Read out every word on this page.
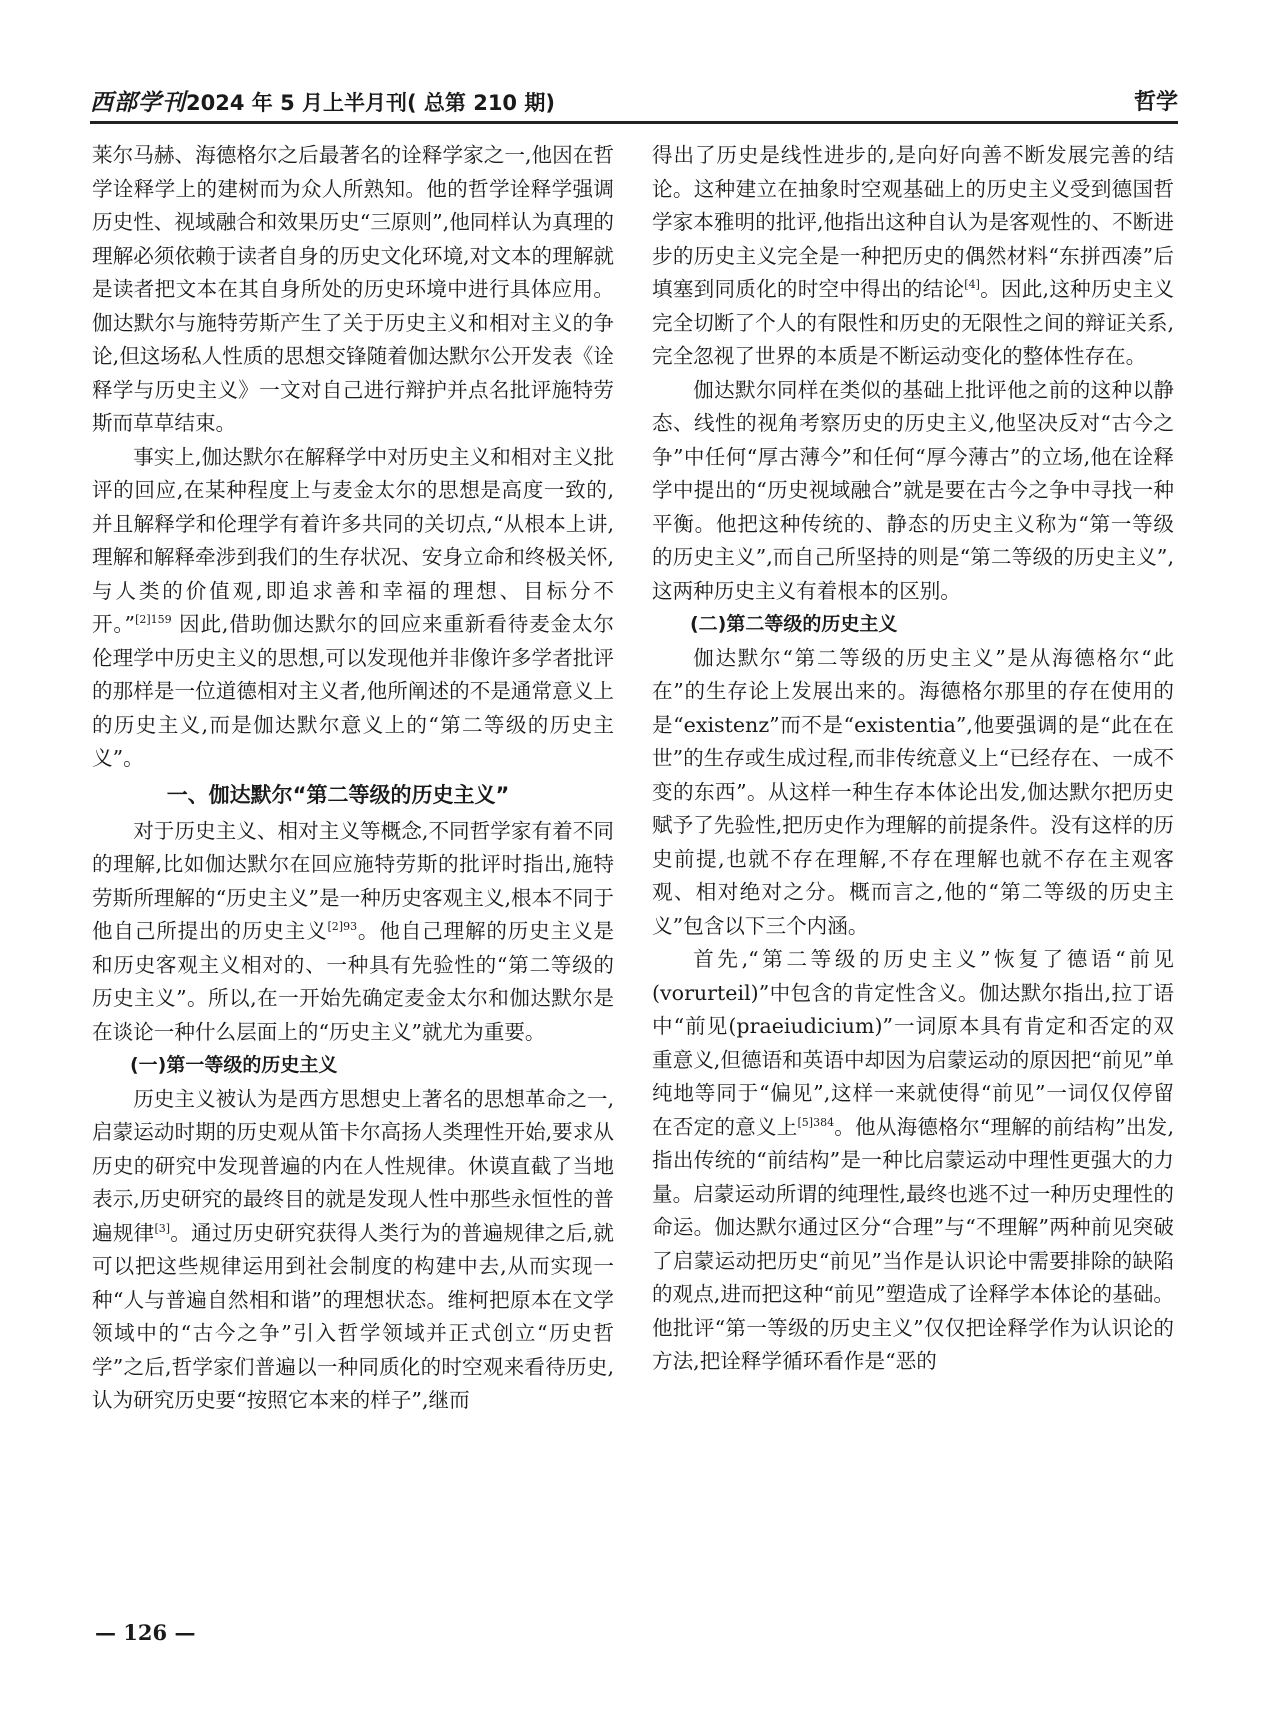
西部学刊2024 年 5 月上半月刊( 总第 210 期)	哲学

莱尔马赫、海德格尔之后最著名的诠释学家之一,他因在哲学诠释学上的建树而为众人所熟知。他的哲学诠释学强调历史性、视域融合和效果历史“三原则”,他同样认为真理的理解必须依赖于读者自身的历史文化环境,对文本的理解就是读者把文本在其自身所处的历史环境中进行具体应用。伽达默尔与施特劳斯产生了关于历史主义和相对主义的争论,但这场私人性质的思想交锋随着伽达默尔公开发表《诠释学与历史主义》一文对自己进行辩护并点名批评施特劳斯而草草结束。

事实上,伽达默尔在解释学中对历史主义和相对主义批评的回应,在某种程度上与麦金太尔的思想是高度一致的,并且解释学和伦理学有着许多共同的关切点,“从根本上讲,理解和解释牵涉到我们的生存状况、安身立命和终极关怀,与人类的价值观,即追求善和幸福的理想、目标分不开。”$^{[2]159}$ 因此,借助伽达默尔的回应来重新看待麦金太尔伦理学中历史主义的思想,可以发现他并非像许多学者批评的那样是一位道德相对主义者,他所阐述的不是通常意义上的历史主义,而是伽达默尔意义上的“第二等级的历史主义”。

一、伽达默尔“第二等级的历史主义”

对于历史主义、相对主义等概念,不同哲学家有着不同的理解,比如伽达默尔在回应施特劳斯的批评时指出,施特劳斯所理解的“历史主义”是一种历史客观主义,根本不同于他自己所提出的历史主义$^{[2]93}$。他自己理解的历史主义是和历史客观主义相对的、一种具有先验性的“第二等级的历史主义”。所以,在一开始先确定麦金太尔和伽达默尔是在谈论一种什么层面上的“历史主义”就尤为重要。

(一)第一等级的历史主义

历史主义被认为是西方思想史上著名的思想革命之一,启蒙运动时期的历史观从笛卡尔高扬人类理性开始,要求从历史的研究中发现普遍的内在人性规律。休谟直截了当地表示,历史研究的最终目的就是发现人性中那些永恒性的普遍规律[3]。通过历史研究获得人类行为的普遍规律之后,就可以把这些规律运用到社会制度的构建中去,从而实现一种“人与普遍自然相和谐”的理想状态。维柯把原本在文学领域中的“古今之争”引入哲学领域并正式创立“历史哲学”之后,哲学家们普遍以一种同质化的时空观来看待历史,认为研究历史要“按照它本来的样子”,继而

得出了历史是线性进步的,是向好向善不断发展完善的结论。这种建立在抽象时空观基础上的历史主义受到德国哲学家本雅明的批评,他指出这种自认为是客观性的、不断进步的历史主义完全是一种把历史的偶然材料“东拼西凑”后填塞到同质化的时空中得出的结论[4]。因此,这种历史主义完全切断了个人的有限性和历史的无限性之间的辩证关系,完全忽视了世界的本质是不断运动变化的整体性存在。

伽达默尔同样在类似的基础上批评他之前的这种以静态、线性的视角考察历史的历史主义,他坚决反对“古今之争”中任何“厚古薄今”和任何“厚今薄古”的立场,他在诠释学中提出的“历史视域融合”就是要在古今之争中寻找一种平衡。他把这种传统的、静态的历史主义称为“第一等级的历史主义”,而自己所坚持的则是“第二等级的历史主义”,这两种历史主义有着根本的区别。

(二)第二等级的历史主义

伽达默尔“第二等级的历史主义”是从海德格尔“此在”的生存论上发展出来的。海德格尔那里的存在使用的是“existenz”而不是“existentia”,他要强调的是“此在在世”的生存或生成过程,而非传统意义上“已经存在、一成不变的东西”。从这样一种生存本体论出发,伽达默尔把历史赋予了先验性,把历史作为理解的前提条件。没有这样的历史前提,也就不存在理解,不存在理解也就不存在主观客观、相对绝对之分。概而言之,他的“第二等级的历史主义”包含以下三个内涵。

首先,“第二等级的历史主义”恢复了德语“前见(vorurteil)”中包含的肯定性含义。伽达默尔指出,拉丁语中“前见(praeiudicium)”一词原本具有肯定和否定的双重意义,但德语和英语中却因为启蒙运动的原因把“前见”单纯地等同于“偏见”,这样一来就使得“前见”一词仅仅停留在否定的意义上$^{[5]384}$。他从海德格尔“理解的前结构”出发,指出传统的“前结构”是一种比启蒙运动中理性更强大的力量。启蒙运动所谓的纯理性,最终也逃不过一种历史理性的命运。伽达默尔通过区分“合理”与“不理解”两种前见突破了启蒙运动把历史“前见”当作是认识论中需要排除的缺陷的观点,进而把这种“前见”塑造成了诠释学本体论的基础。他批评“第一等级的历史主义”仅仅把诠释学作为认识论的方法,把诠释学循环看作是“恶的

— 126 —
